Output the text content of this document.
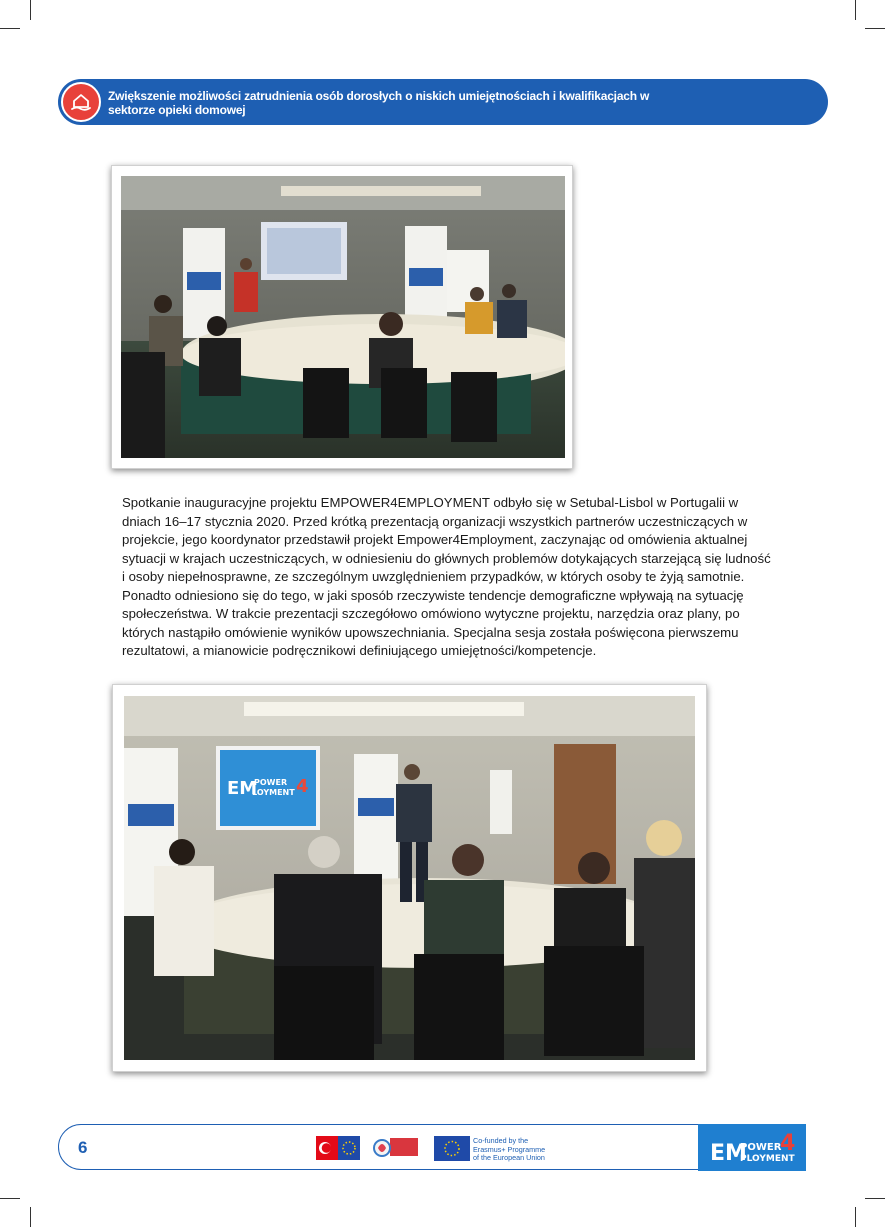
Zwiększenie możliwości zatrudnienia osób dorosłych o niskich umiejętnościach i kwalifikacjach w sektorze opieki domowej

Spotkanie inauguracyjne projektu EMPOWER4EMPLOYMENT odbyło się w Setubal-Lisbol w Portugalii w dniach 16–17 stycznia 2020. Przed krótką prezentacją organizacji wszystkich partnerów uczestniczących w projekcie, jego koordynator przedstawił projekt Empower4Employment, zaczynając od omówienia aktualnej sytuacji w krajach uczestniczących, w odniesieniu do głównych problemów dotykających starzejącą się ludność i osoby niepełnosprawne, ze szczególnym uwzględnieniem przypadków, w których osoby te żyją samotnie. Ponadto odniesiono się do tego, w jaki sposób rzeczywiste tendencje demograficzne wpływają na sytuację społeczeństwa. W trakcie prezentacji szczegółowo omówiono wytyczne projektu, narzędzia oraz plany, po których nastąpiło omówienie wyników upowszechniania. Specjalna sesja została poświęcona pierwszemu rezultatowi, a mianowicie podręcznikowi definiującego umiejętności/kompetencje.

EM
POWER
LOYMENT 4
6	Co-funded by the
Erasmus+ Programme
of the European Union	EM
POWER
PLOYMENT
4
